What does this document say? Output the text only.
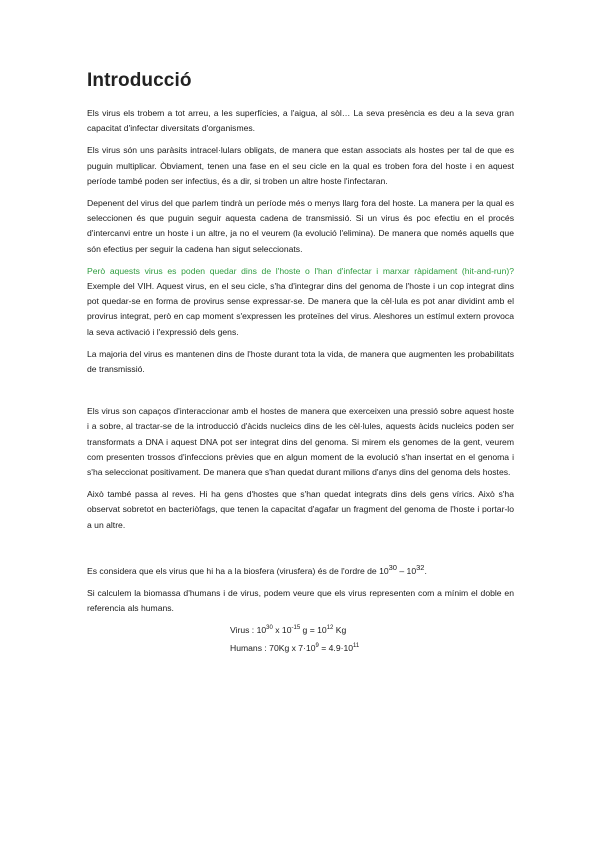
Introducció

Els virus els trobem a tot arreu, a les superfícies, a l'aigua, al sòl… La seva presència es deu a la seva gran capacitat d'infectar diversitats d'organismes.

Els virus són uns paràsits intracel·lulars obligats, de manera que estan associats als hostes per tal de que es puguin multiplicar. Òbviament, tenen una fase en el seu cicle en la qual es troben fora del hoste i en aquest període també poden ser infectius, és a dir, si troben un altre hoste l'infectaran.

Depenent del virus del que parlem tindrà un període més o menys llarg fora del hoste. La manera per la qual es seleccionen és que puguin seguir aquesta cadena de transmissió. Si un virus és poc efectiu en el procés d'intercanvi entre un hoste i un altre, ja no el veurem (la evolució l'elimina). De manera que només aquells que són efectius per seguir la cadena han sigut seleccionats.

Però aquests virus es poden quedar dins de l'hoste o l'han d'infectar i marxar ràpidament (hit-and-run)? Exemple del VIH. Aquest virus, en el seu cicle, s'ha d'integrar dins del genoma de l'hoste i un cop integrat dins pot quedar-se en forma de provirus sense expressar-se. De manera que la cèl·lula es pot anar dividint amb el provirus integrat, però en cap moment s'expressen les proteïnes del virus. Aleshores un estímul extern provoca la seva activació i l'expressió dels gens.

La majoria del virus es mantenen dins de l'hoste durant tota la vida, de manera que augmenten les probabilitats de transmissió.

Els virus son capaços d'interaccionar amb el hostes de manera que exerceixen una pressió sobre aquest hoste i a sobre, al tractar-se de la introducció d'àcids nucleics dins de les cèl·lules, aquests àcids nucleics poden ser transformats a DNA i aquest DNA pot ser integrat dins del genoma. Si mirem els genomes de la gent, veurem com presenten trossos d'infeccions prèvies que en algun moment de la evolució s'han insertat en el genoma i s'ha seleccionat positivament. De manera que s'han quedat durant milions d'anys dins del genoma dels hostes.

Això també passa al reves. Hi ha gens d'hostes que s'han quedat integrats dins dels gens vírics. Això s'ha observat sobretot en bacteriòfags, que tenen la capacitat d'agafar un fragment del genoma de l'hoste i portar-lo a un altre.

Es considera que els virus que hi ha a la biosfera (virusfera) és de l'ordre de $10^{30} - 10^{32}$.

Si calculem la biomassa d'humans i de virus, podem veure que els virus representen com a mínim el doble en referencia als humans.

Virus : $10^{30}$ x $10^{-15}$ $g = 10^{12}$ Kg

Humans : 70Kg x $7\cdot 10^9 = 4.9\cdot 10^{11}$
